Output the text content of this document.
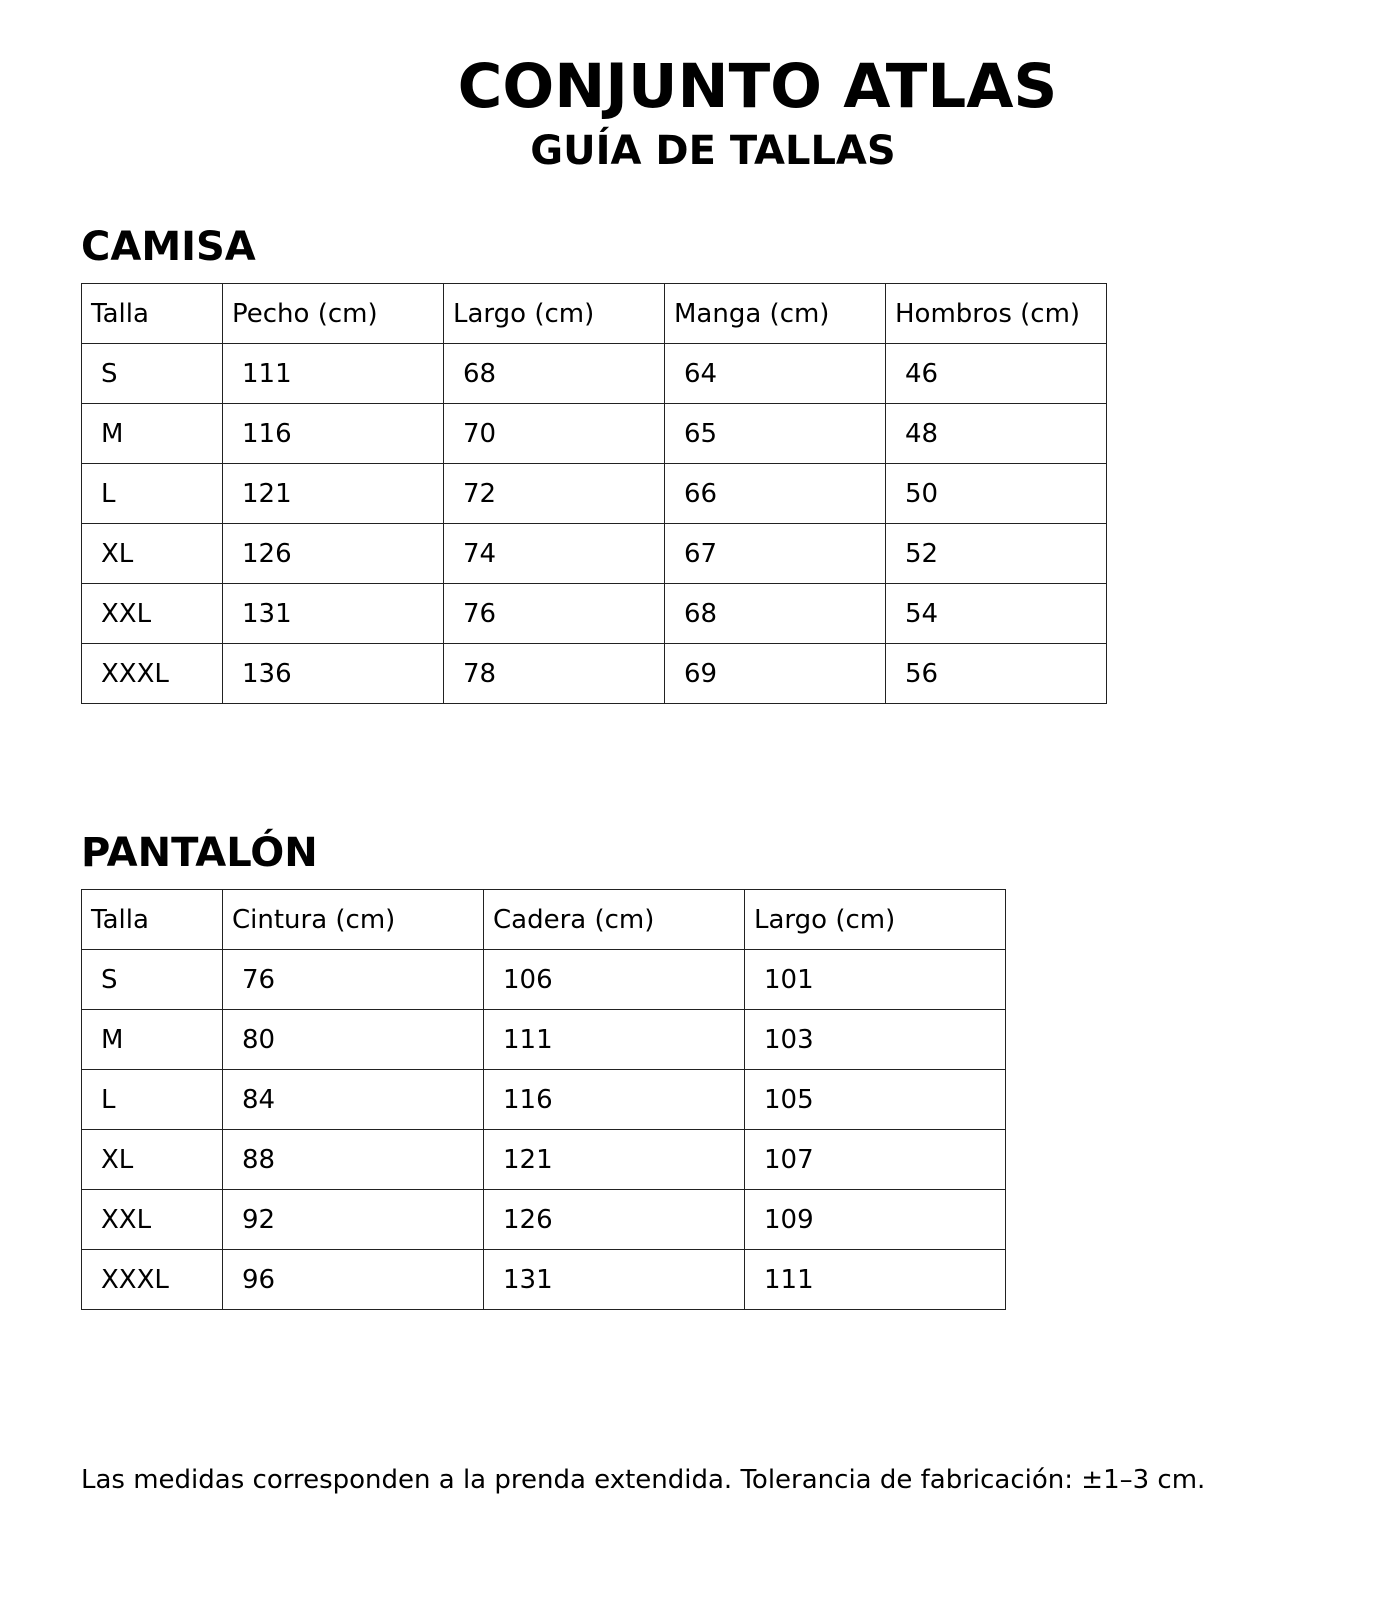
CONJUNTO ATLAS
GUÍA DE TALLAS
CAMISA
Talla	Pecho (cm)	Largo (cm)	Manga (cm)	Hombros (cm)
S	111	68	64	46
M	116	70	65	48
L	121	72	66	50
XL	126	74	67	52
XXL	131	76	68	54
XXXL	136	78	69	56
PANTALÓN
Talla	Cintura (cm)	Cadera (cm)	Largo (cm)
S	76	106	101
M	80	111	103
L	84	116	105
XL	88	121	107
XXL	92	126	109
XXXL	96	131	111
Las medidas corresponden a la prenda extendida. Tolerancia de fabricación: ±1–3 cm.
